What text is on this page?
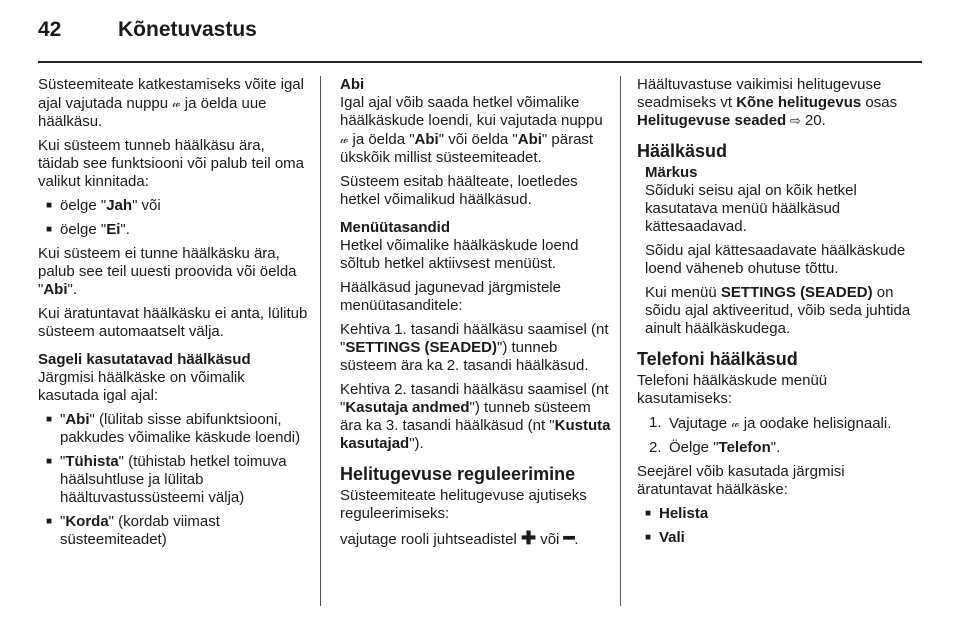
42	Kõnetuvastus

Süsteemiteate katkestamiseks võite igal ajal vajutada nuppu 𝓌 ja öelda uue häälkäsu.

Kui süsteem tunneb häälkäsu ära, täidab see funktsiooni või palub teil oma valikut kinnitada:

■ öelge "Jah" või
■ öelge "Ei".

Kui süsteem ei tunne häälkäsku ära, palub see teil uuesti proovida või öelda "Abi".

Kui äratuntavat häälkäsku ei anta, lülitub süsteem automaatselt välja.

Sageli kasutatavad häälkäsud

Järgmisi häälkäske on võimalik kasutada igal ajal:

■ "Abi" (lülitab sisse abifunktsiooni, pakkudes võimalike käskude loendi)
■ "Tühista" (tühistab hetkel toimuva häälsuhtluse ja lülitab häältuvastussüsteemi välja)
■ "Korda" (kordab viimast süsteemiteadet)

Abi

Igal ajal võib saada hetkel võimalike häälkäskude loendi, kui vajutada nuppu 𝓌 ja öelda "Abi" või öelda "Abi" pärast ükskõik millist süsteemiteadet.

Süsteem esitab häälteate, loetledes hetkel võimalikud häälkäsud.

Menüütasandid

Hetkel võimalike häälkäskude loend sõltub hetkel aktiivsest menüüst.

Häälkäsud jagunevad järgmistele menüütasanditele:

Kehtiva 1. tasandi häälkäsu saamisel (nt "SETTINGS (SEADED)") tunneb süsteem ära ka 2. tasandi häälkäsud.

Kehtiva 2. tasandi häälkäsu saamisel (nt "Kasutaja andmed") tunneb süsteem ära ka 3. tasandi häälkäsud (nt "Kustuta kasutajad").

Helitugevuse reguleerimine

Süsteemiteate helitugevuse ajutiseks reguleerimiseks:

vajutage rooli juhtseadistel ✚ või ━.

Häältuvastuse vaikimisi helitugevuse seadmiseks vt Kõne helitugevus osas Helitugevuse seaded ⇨ 20.

Häälkäsud

Märkus

Sõiduki seisu ajal on kõik hetkel kasutatava menüü häälkäsud kättesaadavad.

Sõidu ajal kättesaadavate häälkäskude loend väheneb ohutuse tõttu.

Kui menüü SETTINGS (SEADED) on sõidu ajal aktiveeritud, võib seda juhtida ainult häälkäskudega.

Telefoni häälkäsud

Telefoni häälkäskude menüü kasutamiseks:

1. Vajutage 𝓌 ja oodake helisignaali.
2. Öelge "Telefon".

Seejärel võib kasutada järgmisi äratuntavat häälkäske:

■ Helista
■ Vali
